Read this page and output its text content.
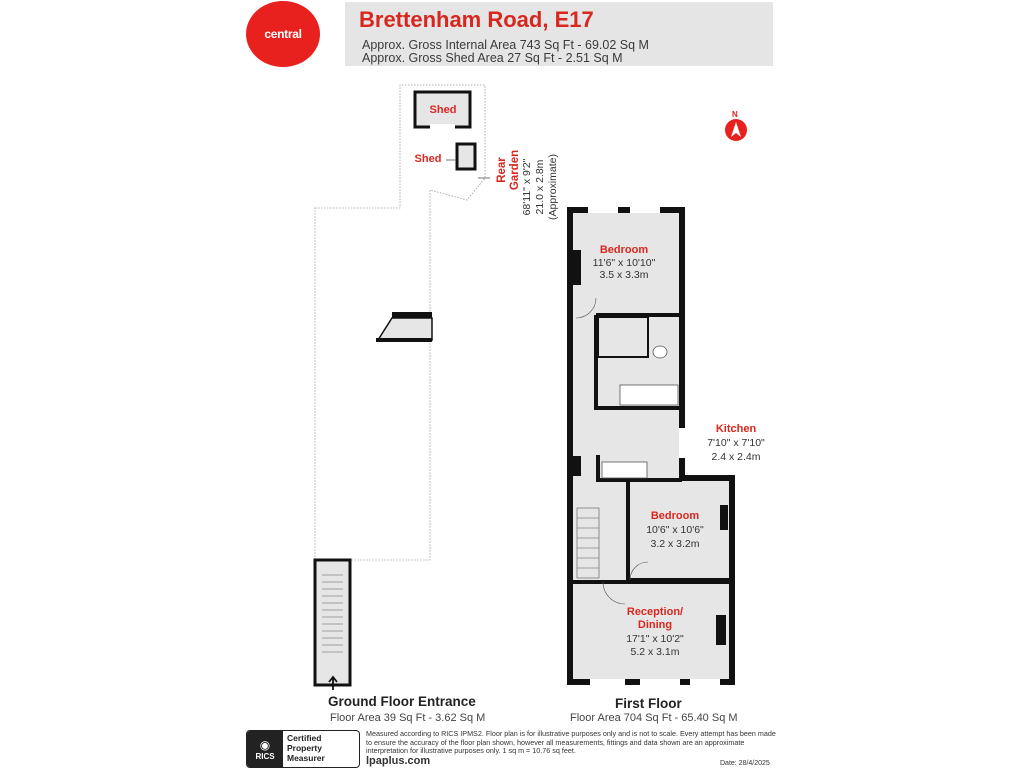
central
Brettenham Road, E17
Approx. Gross Internal Area 743 Sq Ft - 69.02 Sq M
Approx. Gross Shed Area 27 Sq Ft - 2.51 Sq M
N
Shed
Shed	Rear Garden 68'11" x 9'2" 21.0 x 2.8m (Approximate)
Bedroom
11'6" x 10'10"
3.5 x 3.3m
Kitchen
7'10" x 7'10"
2.4 x 2.4m
Bedroom
10'6" x 10'6"
3.2 x 3.2m
Reception/
Dining
17'1" x 10'2"
5.2 x 3.1m
Ground Floor Entrance
Floor Area 39 Sq Ft - 3.62 Sq M
First Floor
Floor Area 704 Sq Ft - 65.40 Sq M
◉
RICS
Certified
Property
Measurer
Measured according to RICS IPMS2. Floor plan is for illustrative purposes only and is not to scale. Every attempt has been made to ensure the accuracy of the floor plan shown, however all measurements, fittings and data shown are an approximate interpretation for illustrative purposes only. 1 sq m = 10.76 sq feet.
lpaplus.com	Date: 28/4/2025
